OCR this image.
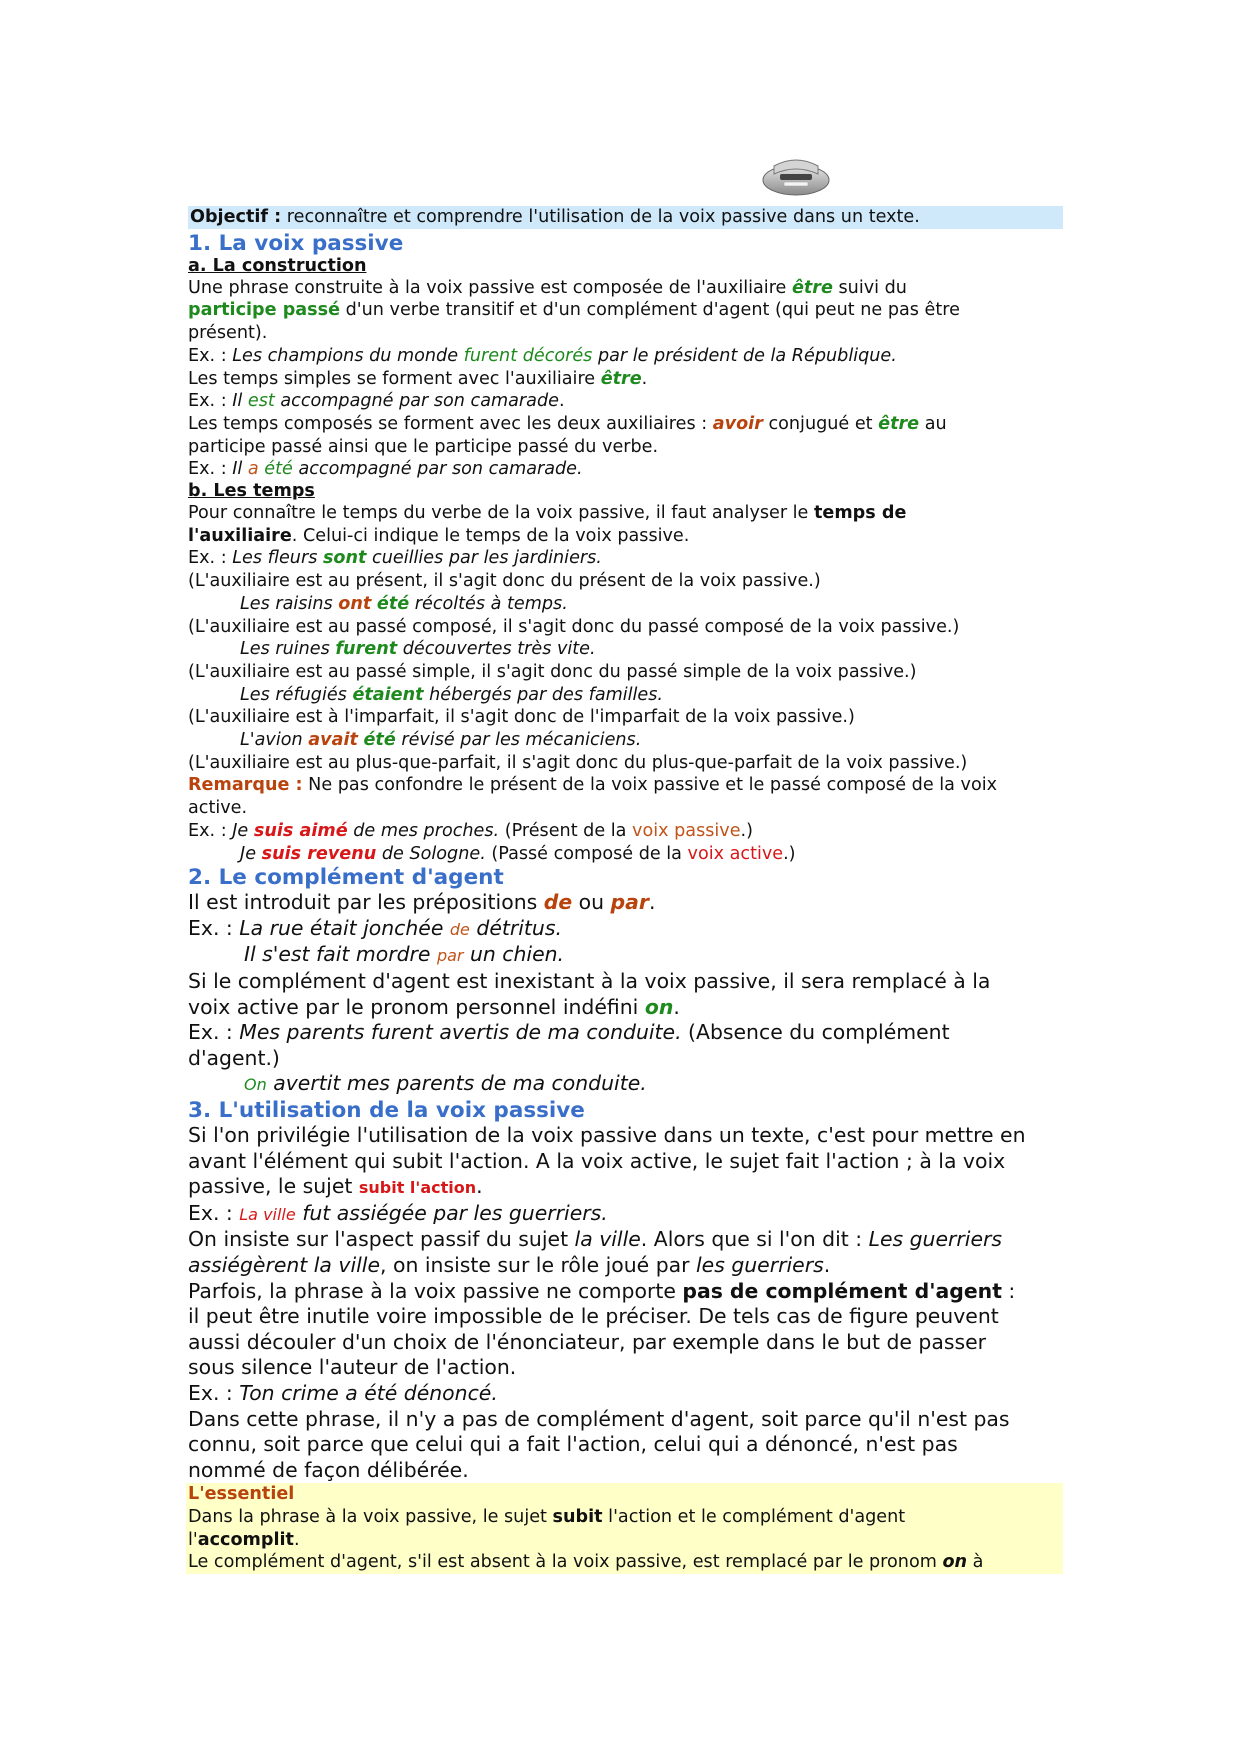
Objectif : reconnaître et comprendre l'utilisation de la voix passive dans un texte.

1. La voix passive

a. La construction

Une phrase construite à la voix passive est composée de l'auxiliaire être suivi du

participe passé d'un verbe transitif et d'un complément d'agent (qui peut ne pas être

présent).

Ex. : Les champions du monde furent décorés par le président de la République.

Les temps simples se forment avec l'auxiliaire être.

Ex. : Il est accompagné par son camarade.

Les temps composés se forment avec les deux auxiliaires : avoir conjugué et être au

participe passé ainsi que le participe passé du verbe.

Ex. : Il a été accompagné par son camarade.

b. Les temps

Pour connaître le temps du verbe de la voix passive, il faut analyser le temps de

l'auxiliaire. Celui-ci indique le temps de la voix passive.

Ex. : Les fleurs sont cueillies par les jardiniers.

(L'auxiliaire est au présent, il s'agit donc du présent de la voix passive.)

Les raisins ont été récoltés à temps.

(L'auxiliaire est au passé composé, il s'agit donc du passé composé de la voix passive.)

Les ruines furent découvertes très vite.

(L'auxiliaire est au passé simple, il s'agit donc du passé simple de la voix passive.)

Les réfugiés étaient hébergés par des familles.

(L'auxiliaire est à l'imparfait, il s'agit donc de l'imparfait de la voix passive.)

L'avion avait été révisé par les mécaniciens.

(L'auxiliaire est au plus-que-parfait, il s'agit donc du plus-que-parfait de la voix passive.)

Remarque : Ne pas confondre le présent de la voix passive et le passé composé de la voix

active.

Ex. : Je suis aimé de mes proches. (Présent de la voix passive.)

Je suis revenu de Sologne. (Passé composé de la voix active.)

2. Le complément d'agent

Il est introduit par les prépositions de ou par.

Ex. : La rue était jonchée de détritus.

Il s'est fait mordre par un chien.

Si le complément d'agent est inexistant à la voix passive, il sera remplacé à la

voix active par le pronom personnel indéfini on.

Ex. : Mes parents furent avertis de ma conduite. (Absence du complément

d'agent.)

On avertit mes parents de ma conduite.

3. L'utilisation de la voix passive

Si l'on privilégie l'utilisation de la voix passive dans un texte, c'est pour mettre en

avant l'élément qui subit l'action. A la voix active, le sujet fait l'action ; à la voix

passive, le sujet subit l'action.

Ex. : La ville fut assiégée par les guerriers.

On insiste sur l'aspect passif du sujet la ville. Alors que si l'on dit : Les guerriers

assiégèrent la ville, on insiste sur le rôle joué par les guerriers.

Parfois, la phrase à la voix passive ne comporte pas de complément d'agent :

il peut être inutile voire impossible de le préciser. De tels cas de figure peuvent

aussi découler d'un choix de l'énonciateur, par exemple dans le but de passer

sous silence l'auteur de l'action.

Ex. : Ton crime a été dénoncé.

Dans cette phrase, il n'y a pas de complément d'agent, soit parce qu'il n'est pas

connu, soit parce que celui qui a fait l'action, celui qui a dénoncé, n'est pas

nommé de façon délibérée.

L'essentiel

Dans la phrase à la voix passive, le sujet subit l'action et le complément d'agent

l'accomplit.

Le complément d'agent, s'il est absent à la voix passive, est remplacé par le pronom on à
